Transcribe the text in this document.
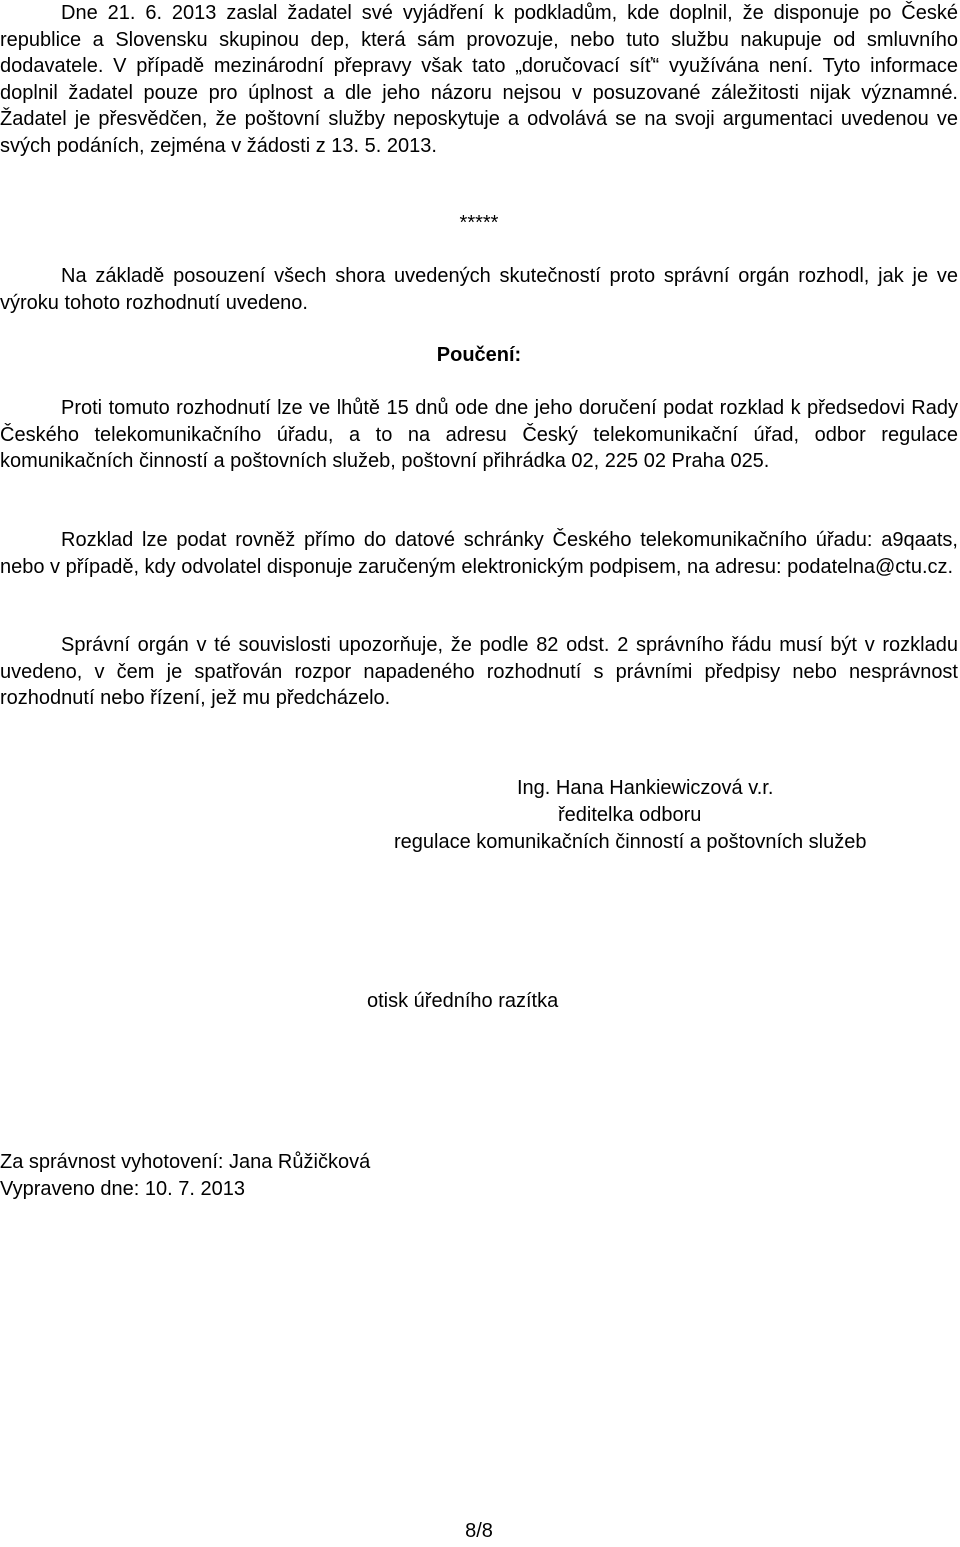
Dne 21. 6. 2013 zaslal žadatel své vyjádření k podkladům, kde doplnil, že disponuje po České republice a Slovensku skupinou dep, která sám provozuje, nebo tuto službu nakupuje od smluvního dodavatele. V případě mezinárodní přepravy však tato „doručovací síť“ využívána není. Tyto informace doplnil žadatel pouze pro úplnost a dle jeho názoru nejsou v posuzované záležitosti nijak významné. Žadatel je přesvědčen, že poštovní služby neposkytuje a odvolává se na svoji argumentaci uvedenou ve svých podáních, zejména v žádosti z 13. 5. 2013.

*****

Na základě posouzení všech shora uvedených skutečností proto správní orgán rozhodl, jak je ve výroku tohoto rozhodnutí uvedeno.

Poučení:

Proti tomuto rozhodnutí lze ve lhůtě 15 dnů ode dne jeho doručení podat rozklad k předsedovi Rady Českého telekomunikačního úřadu, a to na adresu Český telekomunikační úřad, odbor regulace komunikačních činností a poštovních služeb, poštovní přihrádka 02, 225 02 Praha 025.

Rozklad lze podat rovněž přímo do datové schránky Českého telekomunikačního úřadu: a9qaats, nebo v případě, kdy odvolatel disponuje zaručeným elektronickým podpisem, na adresu: podatelna@ctu.cz.

Správní orgán v té souvislosti upozorňuje, že podle 82 odst. 2 správního řádu musí být v rozkladu uvedeno, v čem je spatřován rozpor napadeného rozhodnutí s právními předpisy nebo nesprávnost rozhodnutí nebo řízení, jež mu předcházelo.

Ing. Hana Hankiewiczová v.r.

ředitelka odboru

regulace komunikačních činností a poštovních služeb

otisk úředního razítka

Za správnost vyhotovení: Jana Růžičková

Vypraveno dne: 10. 7. 2013

8/8
